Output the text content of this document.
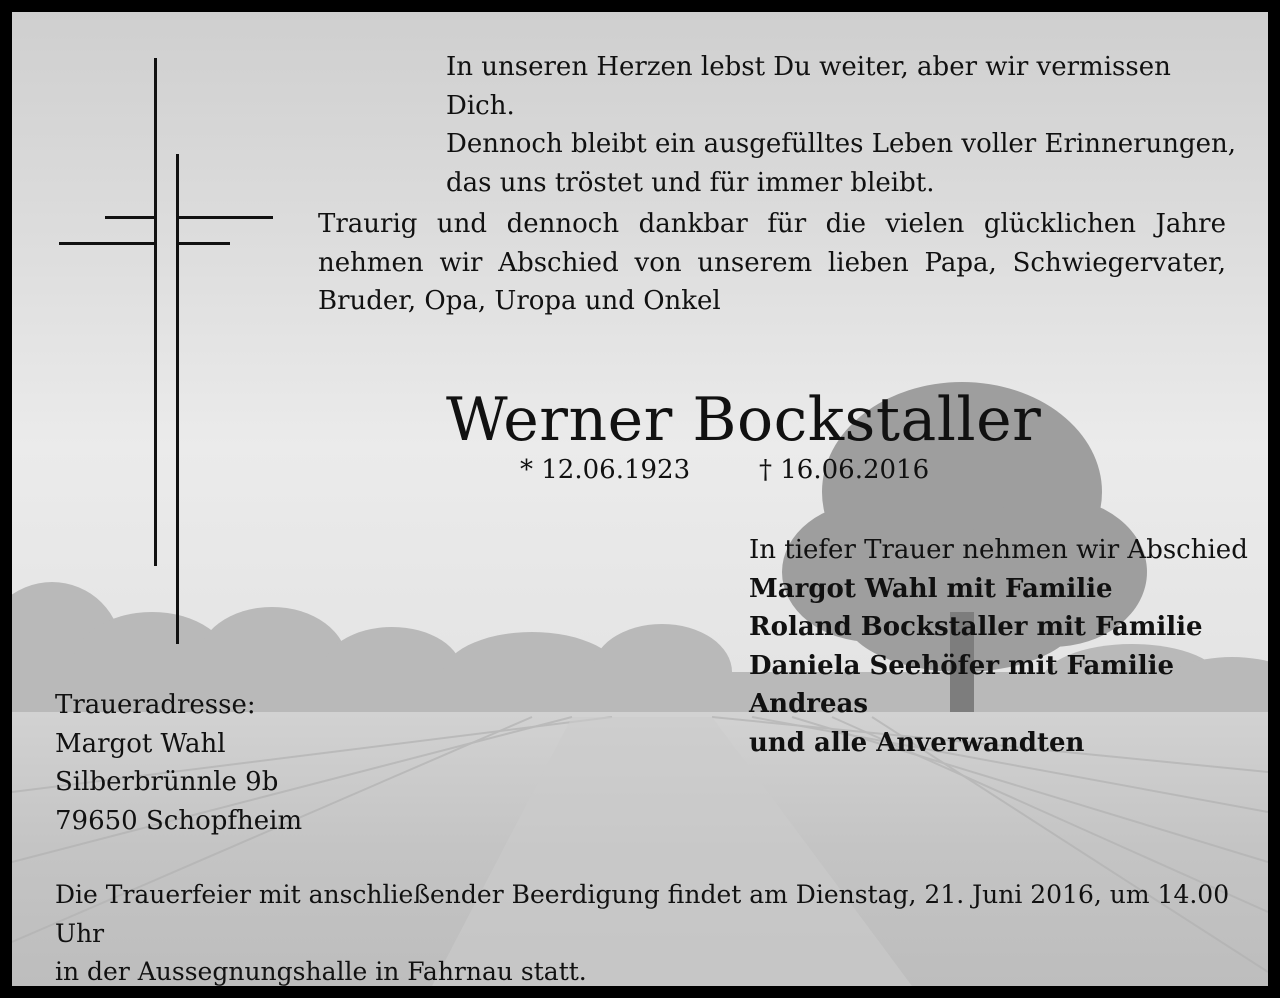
In unseren Herzen lebst Du weiter, aber wir vermissen Dich.

Dennoch bleibt ein ausgefülltes Leben voller Erinnerungen,

das uns tröstet und für immer bleibt.

Traurig und dennoch dankbar für die vielen glücklichen Jahre nehmen wir Abschied von unserem lieben Papa, Schwiegervater, Bruder, Opa, Uropa und Onkel

Werner Bockstaller
* 12.06.1923	† 16.06.2016
In tiefer Trauer nehmen wir Abschied
Margot Wahl mit Familie
Roland Bockstaller mit Familie
Daniela Seehöfer mit Familie
Andreas
und alle Anverwandten
Traueradresse:
Margot Wahl
Silberbrünnle 9b
79650 Schopfheim
Die Trauerfeier mit anschließender Beerdigung findet am Dienstag, 21. Juni 2016, um 14.00 Uhr
in der Aussegnungshalle in Fahrnau statt.
